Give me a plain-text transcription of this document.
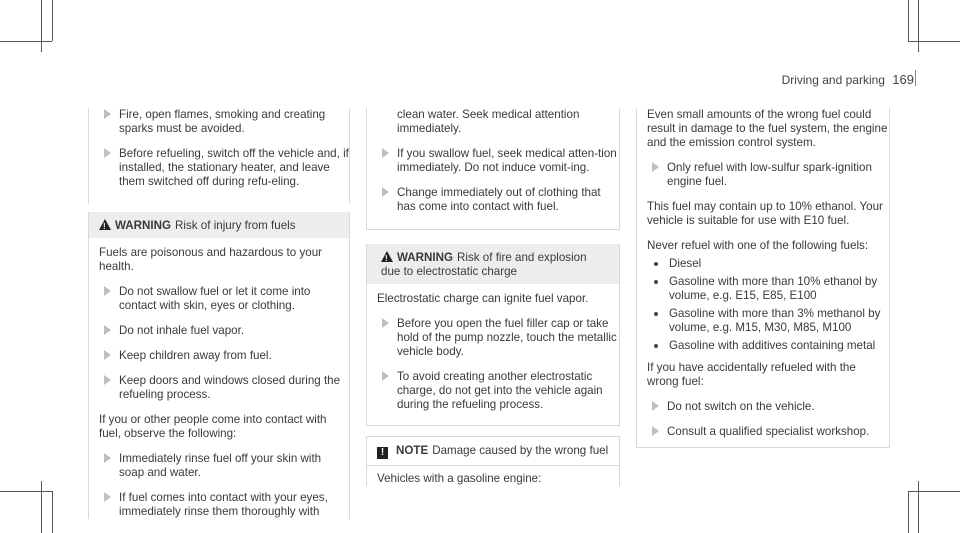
Driving and parking 169
Fire, open flames, smoking and creating sparks must be avoided.
Before refueling, switch off the vehicle and, if installed, the stationary heater, and leave them switched off during refu-eling.
!WARNING Risk of injury from fuels

Fuels are poisonous and hazardous to your health.

Do not swallow fuel or let it come into contact with skin, eyes or clothing.
Do not inhale fuel vapor.
Keep children away from fuel.
Keep doors and windows closed during the refueling process.

If you or other people come into contact with fuel, observe the following:

Immediately rinse fuel off your skin with soap and water.
If fuel comes into contact with your eyes, immediately rinse them thoroughly with
clean water. Seek medical attention immediately.
If you swallow fuel, seek medical atten-tion immediately. Do not induce vomit-ing.
Change immediately out of clothing that has come into contact with fuel.
!WARNING Risk of fire and explosion due to electrostatic charge

Electrostatic charge can ignite fuel vapor.

Before you open the fuel filler cap or take hold of the pump nozzle, touch the metallic vehicle body.
To avoid creating another electrostatic charge, do not get into the vehicle again during the refueling process.
! NOTE Damage caused by the wrong fuel

Vehicles with a gasoline engine:

Even small amounts of the wrong fuel could result in damage to the fuel system, the engine and the emission control system.

Only refuel with low-sulfur spark-ignition engine fuel.

This fuel may contain up to 10% ethanol. Your vehicle is suitable for use with E10 fuel.

Never refuel with one of the following fuels:

Diesel
Gasoline with more than 10% ethanol by volume, e.g. E15, E85, E100
Gasoline with more than 3% methanol by volume, e.g. M15, M30, M85, M100
Gasoline with additives containing metal

If you have accidentally refueled with the wrong fuel:

Do not switch on the vehicle.
Consult a qualified specialist workshop.
